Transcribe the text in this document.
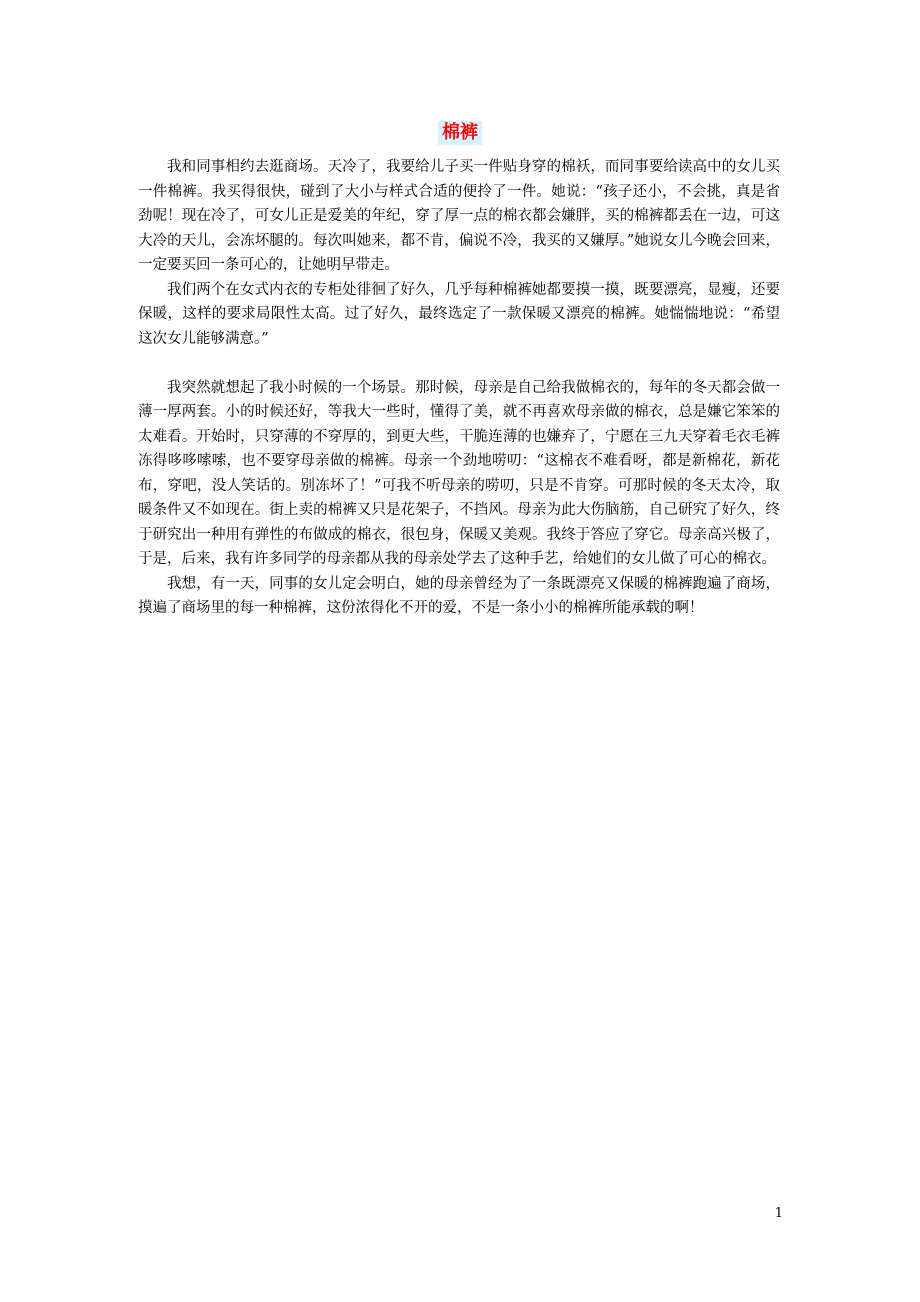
棉裤

我和同事相约去逛商场。天冷了，我要给儿子买一件贴身穿的棉袄，而同事要给读高中的女儿买一件棉裤。我买得很快，碰到了大小与样式合适的便拎了一件。她说：“孩子还小，不会挑，真是省劲呢！现在冷了，可女儿正是爱美的年纪，穿了厚一点的棉衣都会嫌胖，买的棉裤都丢在一边，可这大冷的天儿，会冻坏腿的。每次叫她来，都不肯，偏说不冷，我买的又嫌厚。”她说女儿今晚会回来，一定要买回一条可心的，让她明早带走。

我们两个在女式内衣的专柜处徘徊了好久，几乎每种棉裤她都要摸一摸，既要漂亮，显瘦，还要保暖，这样的要求局限性太高。过了好久，最终选定了一款保暖又漂亮的棉裤。她惴惴地说：“希望这次女儿能够满意。”

我突然就想起了我小时候的一个场景。那时候，母亲是自己给我做棉衣的，每年的冬天都会做一薄一厚两套。小的时候还好，等我大一些时，懂得了美，就不再喜欢母亲做的棉衣，总是嫌它笨笨的太难看。开始时，只穿薄的不穿厚的，到更大些，干脆连薄的也嫌弃了，宁愿在三九天穿着毛衣毛裤冻得哆哆嗦嗦，也不要穿母亲做的棉裤。母亲一个劲地唠叨：“这棉衣不难看呀，都是新棉花，新花布，穿吧，没人笑话的。别冻坏了！”可我不听母亲的唠叨，只是不肯穿。可那时候的冬天太冷，取暖条件又不如现在。街上卖的棉裤又只是花架子，不挡风。母亲为此大伤脑筋，自己研究了好久，终于研究出一种用有弹性的布做成的棉衣，很包身，保暖又美观。我终于答应了穿它。母亲高兴极了，于是，后来，我有许多同学的母亲都从我的母亲处学去了这种手艺，给她们的女儿做了可心的棉衣。

我想，有一天，同事的女儿定会明白，她的母亲曾经为了一条既漂亮又保暖的棉裤跑遍了商场，摸遍了商场里的每一种棉裤，这份浓得化不开的爱，不是一条小小的棉裤所能承载的啊！

1
